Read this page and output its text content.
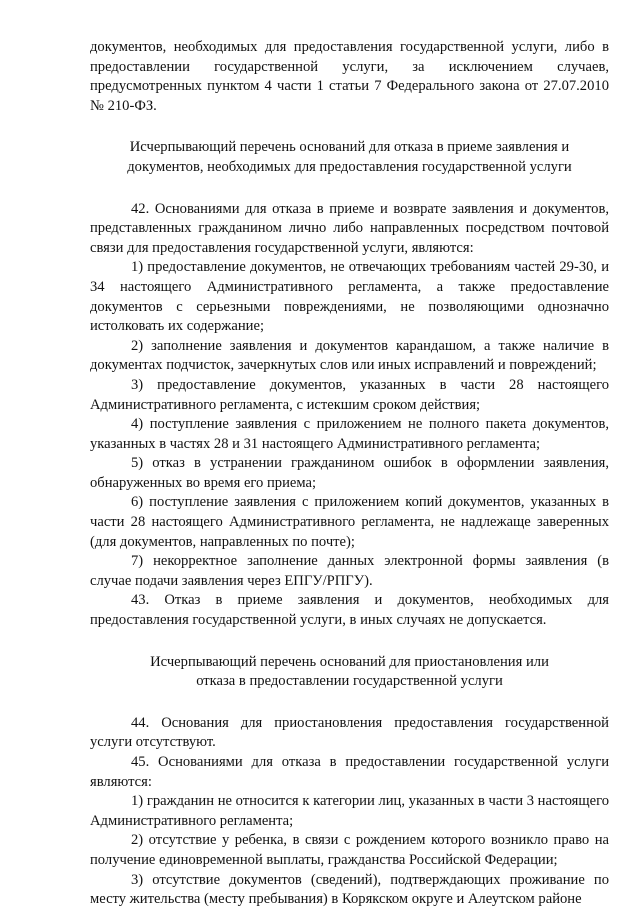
документов, необходимых для предоставления государственной услуги, либо в предоставлении государственной услуги, за исключением случаев, предусмотренных пунктом 4 части 1 статьи 7 Федерального закона от 27.07.2010 № 210-ФЗ.

Исчерпывающий перечень оснований для отказа в приеме заявления и
документов, необходимых для предоставления государственной услуги

42. Основаниями для отказа в приеме и возврате заявления и документов, представленных гражданином лично либо направленных посредством почтовой связи для предоставления государственной услуги, являются:

1) предоставление документов, не отвечающих требованиям частей 29-30, и 34 настоящего Административного регламента, а также предоставление документов с серьезными повреждениями, не позволяющими однозначно истолковать их содержание;

2) заполнение заявления и документов карандашом, а также наличие в документах подчисток, зачеркнутых слов или иных исправлений и повреждений;

3) предоставление документов, указанных в части 28 настоящего Административного регламента, с истекшим сроком действия;

4) поступление заявления с приложением не полного пакета документов, указанных в частях 28 и 31 настоящего Административного регламента;

5) отказ в устранении гражданином ошибок в оформлении заявления, обнаруженных во время его приема;

6) поступление заявления с приложением копий документов, указанных в части 28 настоящего Административного регламента, не надлежаще заверенных (для документов, направленных по почте);

7) некорректное заполнение данных электронной формы заявления (в случае подачи заявления через ЕПГУ/РПГУ).

43. Отказ в приеме заявления и документов, необходимых для предоставления государственной услуги, в иных случаях не допускается.

Исчерпывающий перечень оснований для приостановления или
отказа в предоставлении государственной услуги

44. Основания для приостановления предоставления государственной услуги отсутствуют.

45. Основаниями для отказа в предоставлении государственной услуги являются:

1) гражданин не относится к категории лиц, указанных в части 3 настоящего Административного регламента;

2) отсутствие у ребенка, в связи с рождением которого возникло право на получение единовременной выплаты, гражданства Российской Федерации;

3) отсутствие документов (сведений), подтверждающих проживание по месту жительства (месту пребывания) в Корякском округе и Алеутском районе
